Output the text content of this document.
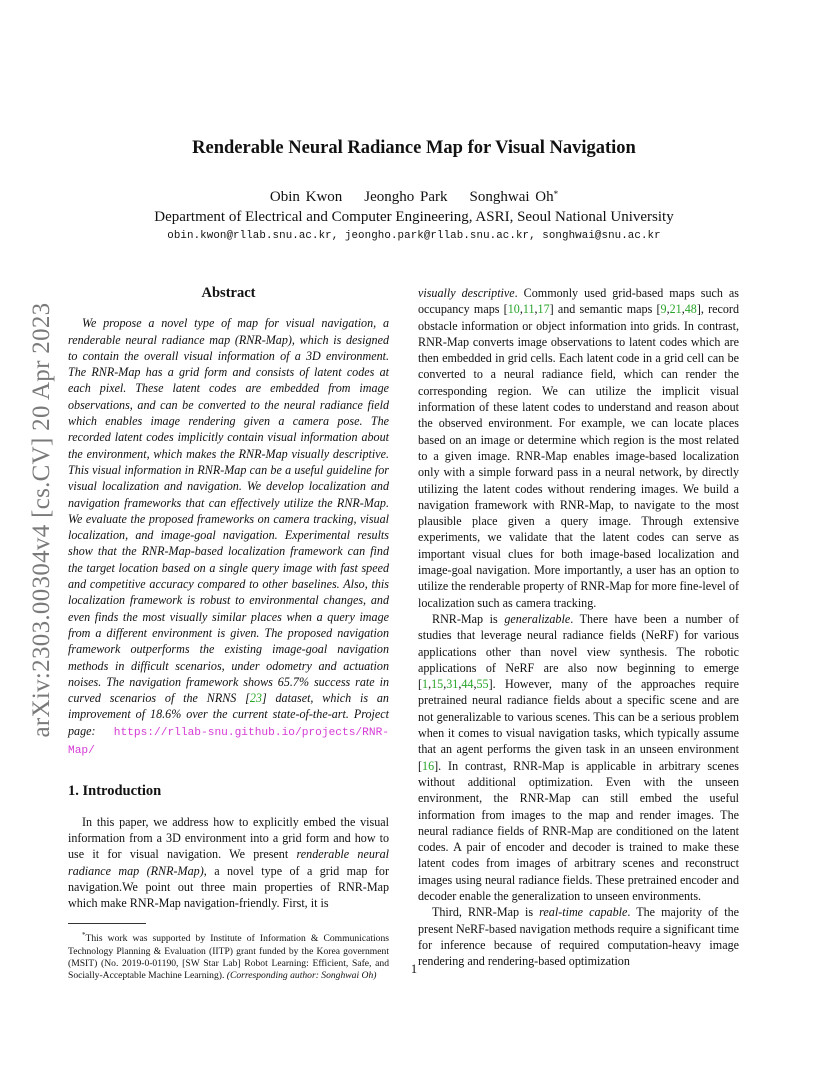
arXiv:2303.00304v4 [cs.CV] 20 Apr 2023
Renderable Neural Radiance Map for Visual Navigation
Obin Kwon Jeongho Park Songhwai Oh*
Department of Electrical and Computer Engineering, ASRI, Seoul National University
obin.kwon@rllab.snu.ac.kr, jeongho.park@rllab.snu.ac.kr, songhwai@snu.ac.kr
Abstract

We propose a novel type of map for visual navigation, a renderable neural radiance map (RNR-Map), which is designed to contain the overall visual information of a 3D environment. The RNR-Map has a grid form and consists of latent codes at each pixel. These latent codes are embedded from image observations, and can be converted to the neural radiance field which enables image rendering given a camera pose. The recorded latent codes implicitly contain visual information about the environment, which makes the RNR-Map visually descriptive. This visual information in RNR-Map can be a useful guideline for visual localization and navigation. We develop localization and navigation frameworks that can effectively utilize the RNR-Map. We evaluate the proposed frameworks on camera tracking, visual localization, and image-goal navigation. Experimental results show that the RNR-Map-based localization framework can find the target location based on a single query image with fast speed and competitive accuracy compared to other baselines. Also, this localization framework is robust to environmental changes, and even finds the most visually similar places when a query image from a different environment is given. The proposed navigation framework outperforms the existing image-goal navigation methods in difficult scenarios, under odometry and actuation noises. The navigation framework shows 65.7% success rate in curved scenarios of the NRNS [23] dataset, which is an improvement of 18.6% over the current state-of-the-art. Project page: https://rllab-snu.github.io/projects/RNR-Map/

1. Introduction

In this paper, we address how to explicitly embed the visual information from a 3D environment into a grid form and how to use it for visual navigation. We present renderable neural radiance map (RNR-Map), a novel type of a grid map for navigation.We point out three main properties of RNR-Map which make RNR-Map navigation-friendly. First, it is

*This work was supported by Institute of Information & Communications Technology Planning & Evaluation (IITP) grant funded by the Korea government (MSIT) (No. 2019-0-01190, [SW Star Lab] Robot Learning: Efficient, Safe, and Socially-Acceptable Machine Learning). (Corresponding author: Songhwai Oh)

visually descriptive. Commonly used grid-based maps such as occupancy maps [10,11,17] and semantic maps [9,21,48], record obstacle information or object information into grids. In contrast, RNR-Map converts image observations to latent codes which are then embedded in grid cells. Each latent code in a grid cell can be converted to a neural radiance field, which can render the corresponding region. We can utilize the implicit visual information of these latent codes to understand and reason about the observed environment. For example, we can locate places based on an image or determine which region is the most related to a given image. RNR-Map enables image-based localization only with a simple forward pass in a neural network, by directly utilizing the latent codes without rendering images. We build a navigation framework with RNR-Map, to navigate to the most plausible place given a query image. Through extensive experiments, we validate that the latent codes can serve as important visual clues for both image-based localization and image-goal navigation. More importantly, a user has an option to utilize the renderable property of RNR-Map for more fine-level of localization such as camera tracking.

RNR-Map is generalizable. There have been a number of studies that leverage neural radiance fields (NeRF) for various applications other than novel view synthesis. The robotic applications of NeRF are also now beginning to emerge [1,15,31,44,55]. However, many of the approaches require pretrained neural radiance fields about a specific scene and are not generalizable to various scenes. This can be a serious problem when it comes to visual navigation tasks, which typically assume that an agent performs the given task in an unseen environment [16]. In contrast, RNR-Map is applicable in arbitrary scenes without additional optimization. Even with the unseen environment, the RNR-Map can still embed the useful information from images to the map and render images. The neural radiance fields of RNR-Map are conditioned on the latent codes. A pair of encoder and decoder is trained to make these latent codes from images of arbitrary scenes and reconstruct images using neural radiance fields. These pretrained encoder and decoder enable the generalization to unseen environments.

Third, RNR-Map is real-time capable. The majority of the present NeRF-based navigation methods require a significant time for inference because of required computation-heavy image rendering and rendering-based optimization

1
